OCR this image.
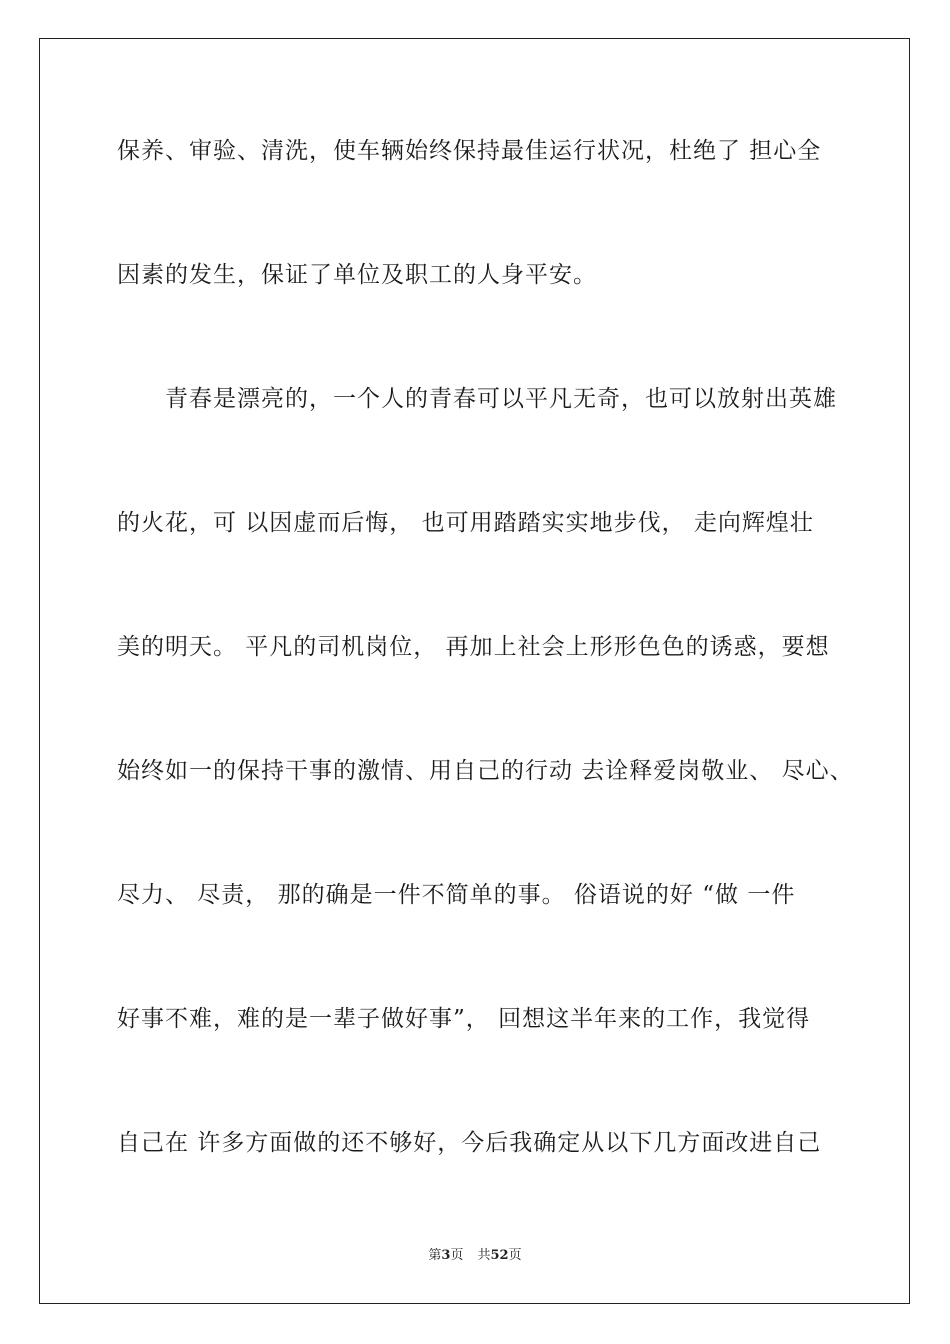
保养、审验、清洗，使车辆始终保持最佳运行状况，杜绝了 担心全
因素的发生，保证了单位及职工的人身平安。
　　青春是漂亮的，一个人的青春可以平凡无奇，也可以放射出英雄
的火花，可 以因虚而后悔， 也可用踏踏实实地步伐， 走向辉煌壮
美的明天。 平凡的司机岗位， 再加上社会上形形色色的诱惑，要想
始终如一的保持干事的激情、用自己的行动 去诠释爱岗敬业、 尽心、
尽力、 尽责， 那的确是一件不简单的事。 俗语说的好 “做 一件
好事不难，难的是一辈子做好事”， 回想这半年来的工作，我觉得
自己在 许多方面做的还不够好，今后我确定从以下几方面改进自己
第3页 共52页
